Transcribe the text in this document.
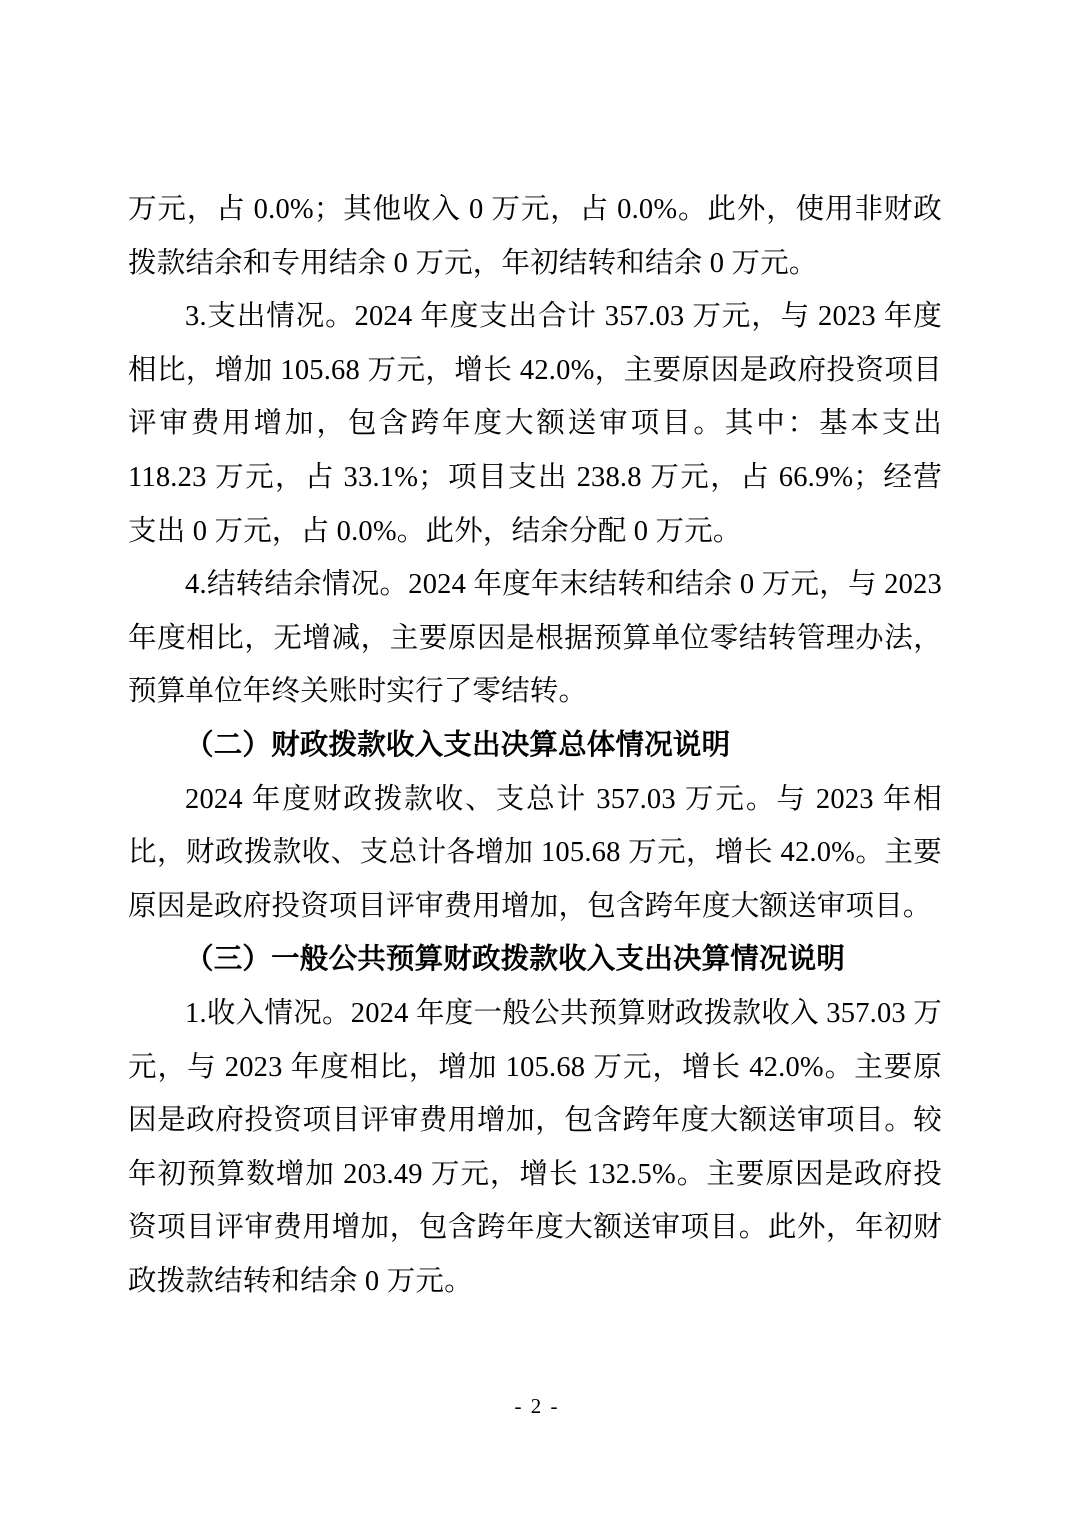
万元，占 0.0%；其他收入 0 万元，占 0.0%。此外，使用非财政拨款结余和专用结余 0 万元，年初结转和结余 0 万元。

3.支出情况。2024 年度支出合计 357.03 万元，与 2023 年度相比，增加 105.68 万元，增长 42.0%，主要原因是政府投资项目评审费用增加，包含跨年度大额送审项目。其中：基本支出 118.23 万元，占 33.1%；项目支出 238.8 万元，占 66.9%；经营支出 0 万元，占 0.0%。此外，结余分配 0 万元。

4.结转结余情况。2024 年度年末结转和结余 0 万元，与 2023 年度相比，无增减，主要原因是根据预算单位零结转管理办法，预算单位年终关账时实行了零结转。

（二）财政拨款收入支出决算总体情况说明

2024 年度财政拨款收、支总计 357.03 万元。与 2023 年相比，财政拨款收、支总计各增加 105.68 万元，增长 42.0%。主要原因是政府投资项目评审费用增加，包含跨年度大额送审项目。

（三）一般公共预算财政拨款收入支出决算情况说明

1.收入情况。2024 年度一般公共预算财政拨款收入 357.03 万元，与 2023 年度相比，增加 105.68 万元，增长 42.0%。主要原因是政府投资项目评审费用增加，包含跨年度大额送审项目。较年初预算数增加 203.49 万元，增长 132.5%。主要原因是政府投资项目评审费用增加，包含跨年度大额送审项目。此外，年初财政拨款结转和结余 0 万元。

- 2 -
